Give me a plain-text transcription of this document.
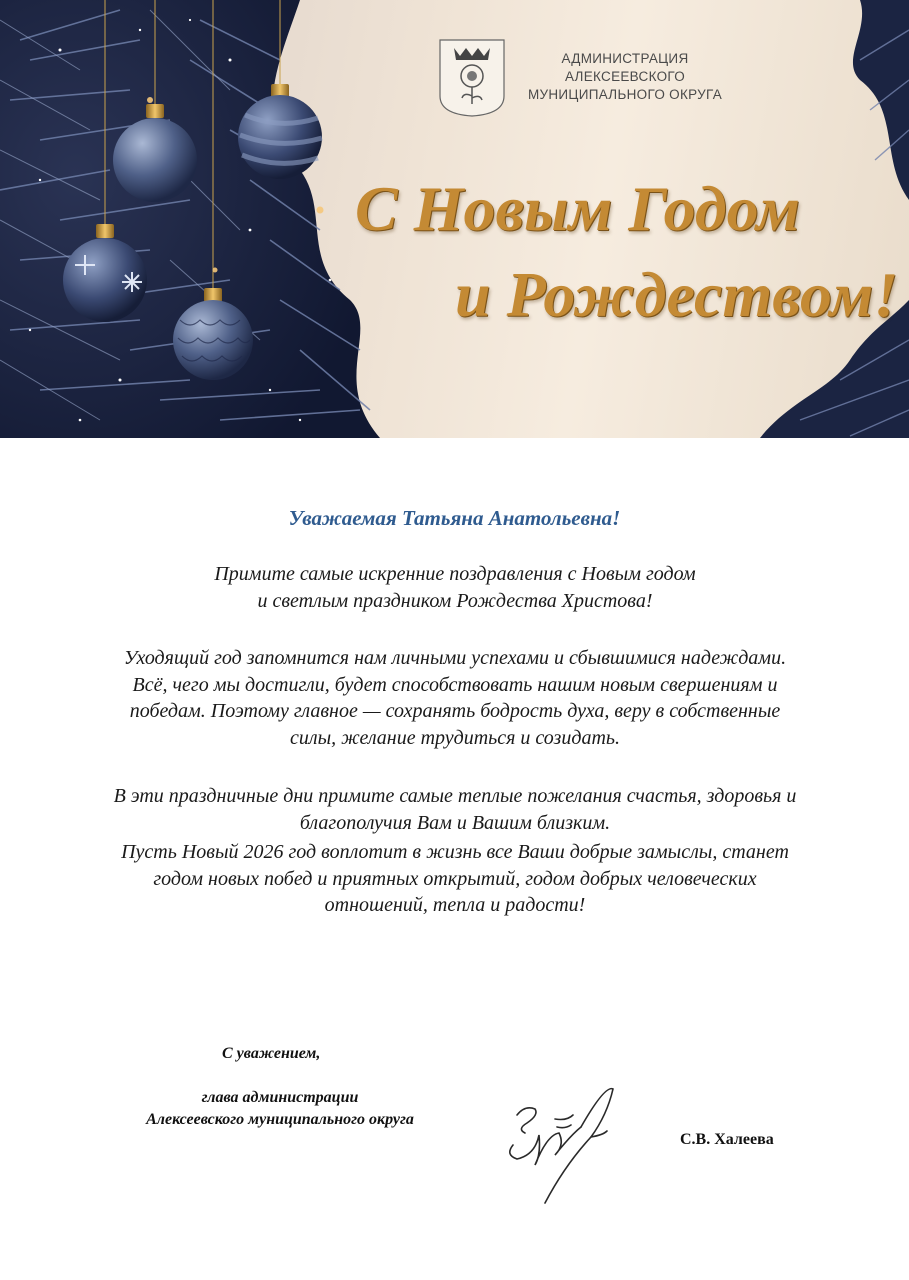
АДМИНИСТРАЦИЯ
АЛЕКСЕЕВСКОГО
МУНИЦИПАЛЬНОГО ОКРУГА
С Новым Годом
и Рождеством!
Уважаемая Татьяна Анатольевна!

Примите самые искренние поздравления с Новым годом

и светлым праздником Рождества Христова!

Уходящий год запомнится нам личными успехами и сбывшимися надеждами. Всё, чего мы достигли, будет способствовать нашим новым свершениям и победам. Поэтому главное — сохранять бодрость духа, веру в собственные силы, желание трудиться и созидать.

В эти праздничные дни примите самые теплые пожелания счастья, здоровья и благополучия Вам и Вашим близким.

Пусть Новый 2026 год воплотит в жизнь все Ваши добрые замыслы, станет годом новых побед и приятных открытий, годом добрых человеческих отношений, тепла и радости!

С уважением,

глава администрации

Алексеевского муниципального округа

С.В. Халеева
